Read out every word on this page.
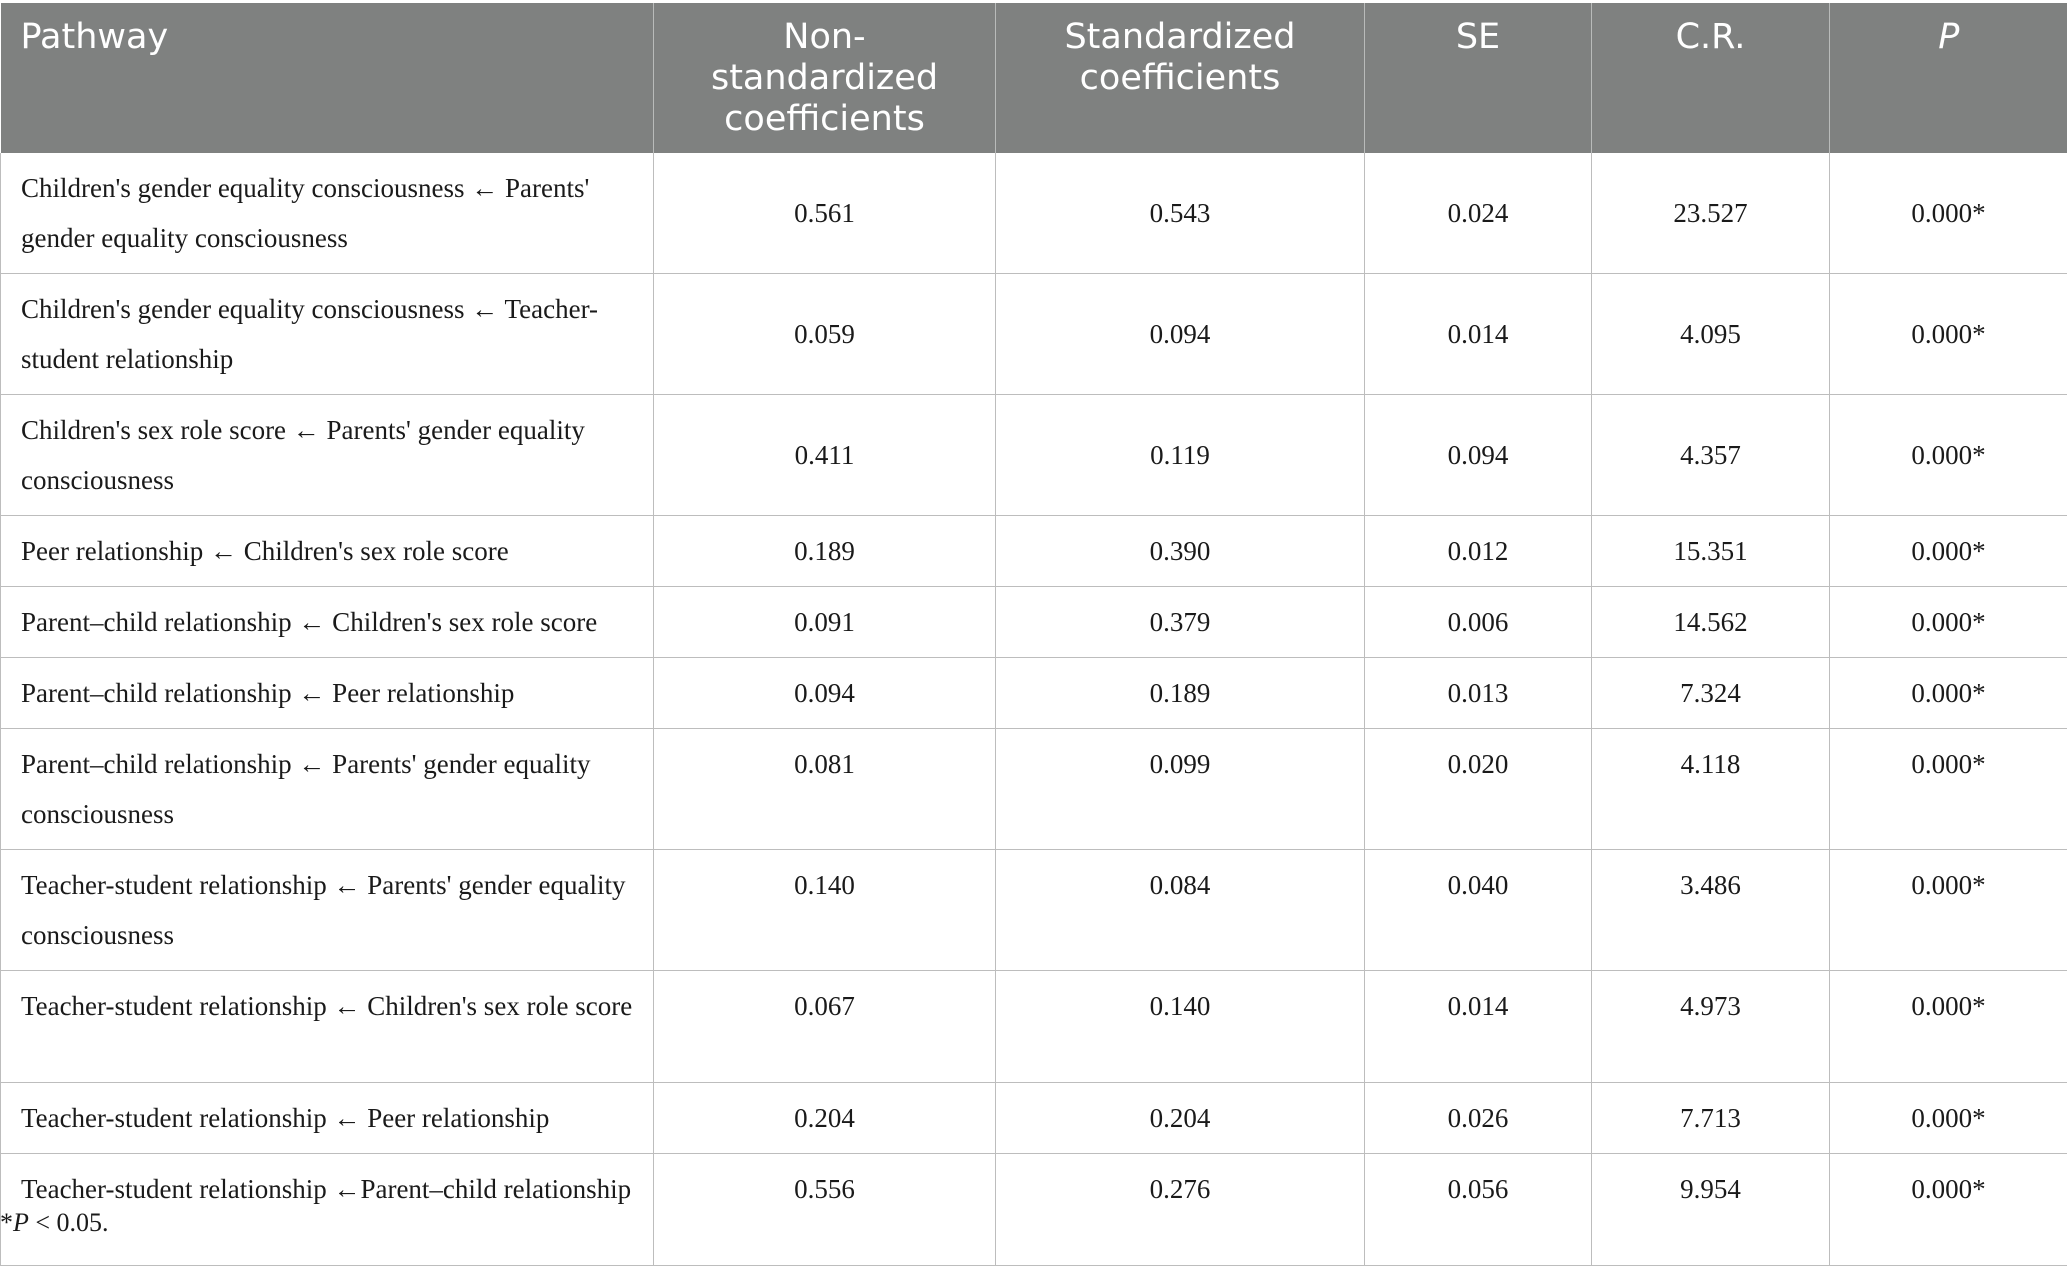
Pathway	Non-standardized coefficients	Standardized coefficients	SE	C.R.	P
Children's gender equality consciousness ← Parents' gender equality consciousness	0.561	0.543	0.024	23.527	0.000*
Children's gender equality consciousness ← Teacher-student relationship	0.059	0.094	0.014	4.095	0.000*
Children's sex role score ← Parents' gender equality consciousness	0.411	0.119	0.094	4.357	0.000*
Peer relationship ← Children's sex role score	0.189	0.390	0.012	15.351	0.000*
Parent–child relationship ← Children's sex role score	0.091	0.379	0.006	14.562	0.000*
Parent–child relationship ← Peer relationship	0.094	0.189	0.013	7.324	0.000*
Parent–child relationship ← Parents' gender equality consciousness	0.081	0.099	0.020	4.118	0.000*
Teacher-student relationship ← Parents' gender equality consciousness	0.140	0.084	0.040	3.486	0.000*
Teacher-student relationship ← Children's sex role score	0.067	0.140	0.014	4.973	0.000*
Teacher-student relationship ← Peer relationship	0.204	0.204	0.026	7.713	0.000*
Teacher-student relationship ←Parent–child relationship	0.556	0.276	0.056	9.954	0.000*
*P < 0.05.
